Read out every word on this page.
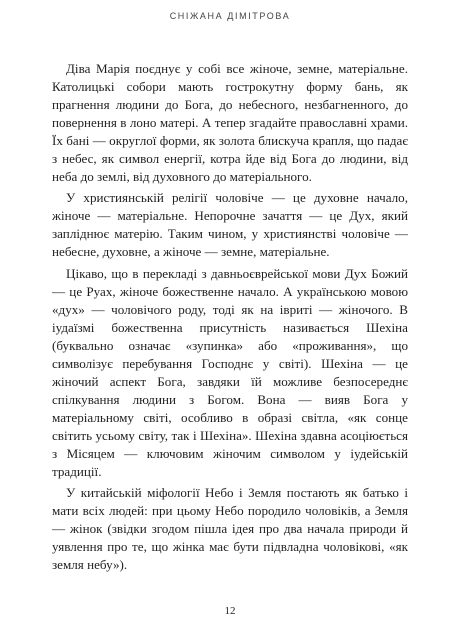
СНІЖАНА ДІМІТРОВА

Діва Марія поєднує у собі все жіноче, земне, матеріальне. Католицькі собори мають гострокутну форму бань, як прагнення людини до Бога, до небесного, незбагненного, до повернення в лоно матері. А тепер згадайте православні храми. Їх бані — округлої форми, як золота блискуча крапля, що падає з небес, як символ енергії, котра йде від Бога до людини, від неба до землі, від духовного до матеріального.

У християнській релігії чоловіче — це духовне начало, жіноче — матеріальне. Непорочне зачаття — це Дух, який запліднює матерію. Таким чином, у християнстві чоловіче — небесне, духовне, а жіноче — земне, матеріальне.

Цікаво, що в перекладі з давньоєврейської мови Дух Божий — це Руах, жіноче божественне начало. А українською мовою «дух» — чоловічого роду, тоді як на івриті — жіночого. В іудаїзмі божественна присутність називається Шехіна (буквально означає «зупинка» або «проживання», що символізує перебування Господнє у світі). Шехіна — це жіночий аспект Бога, завдяки їй можливе безпосереднє спілкування людини з Богом. Вона — вияв Бога у матеріальному світі, особливо в образі світла, «як сонце світить усьому світу, так і Шехіна». Шехіна здавна асоціюється з Місяцем — ключовим жіночим символом у іудейській традиції.

У китайській міфології Небо і Земля постають як батько і мати всіх людей: при цьому Небо породило чоловіків, а Земля — жінок (звідки згодом пішла ідея про два начала природи й уявлення про те, що жінка має бути підвладна чоловікові, «як земля небу»).

12
